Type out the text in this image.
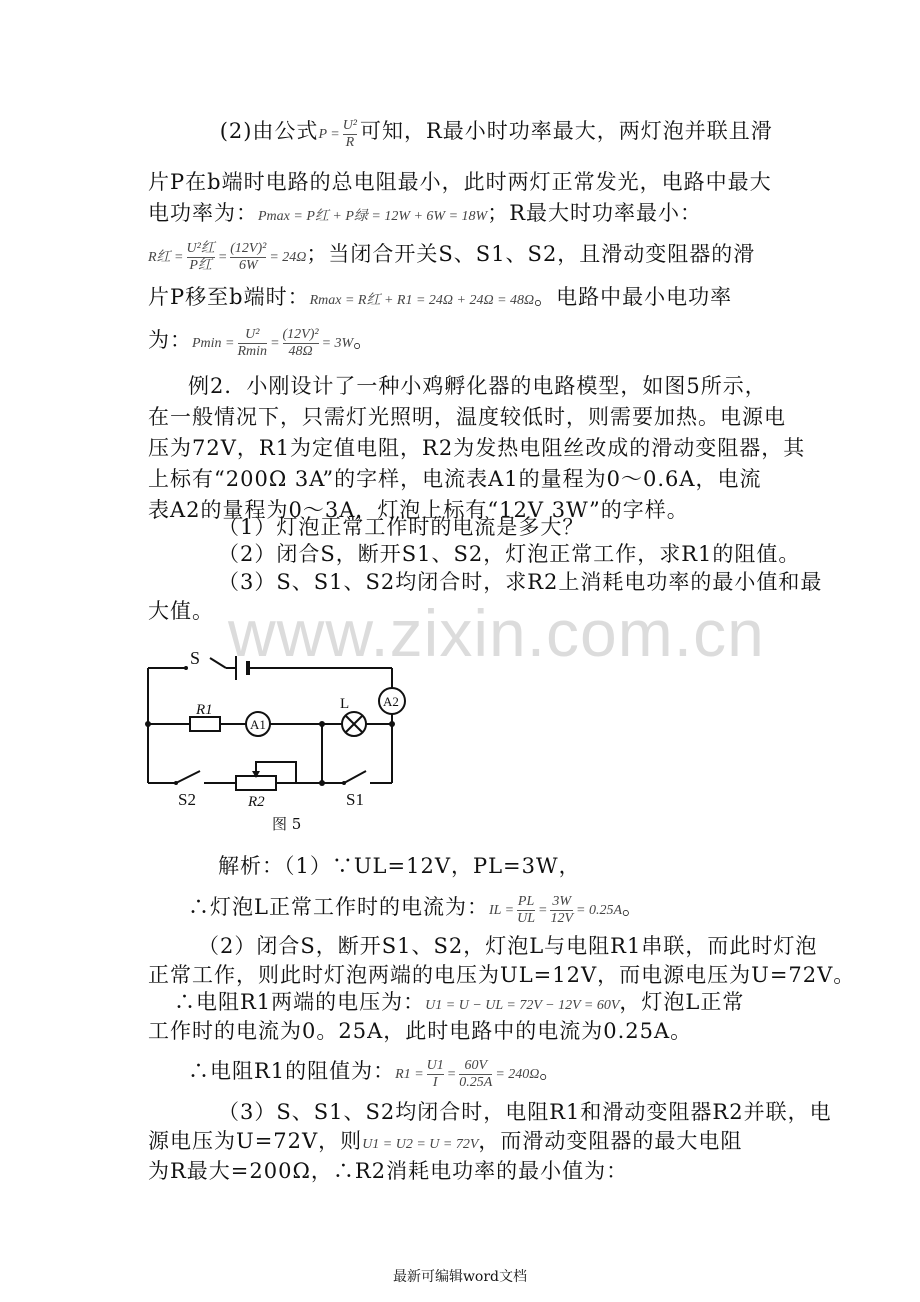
(2)由公式$P = \frac{\text{U²}}{R}$ 可知，R最小时功率最大，两灯泡并联且滑
片P在b端时电路的总电阻最小，此时两灯正常发光，电路中最大
电功率为：Pmax = P红 + P绿 = 12W + 6W = 18W；R最大时功率最小：
R红 =
U²红
P红
= $\frac{\text{(12V)²}}{6W} = 24\Omega$；当闭合开关S、S1、S2，且滑动变阻器的滑
片P移至b端时：Rmax = R红 + R1 = 24Ω + 24Ω = 48Ω。电路中最小电功率
为：Pmin =
U²
Rmin
= $\frac{\text{(12V)²}}{48\Omega} = 3W$。
例2．小刚设计了一种小鸡孵化器的电路模型，如图5所示，
在一般情况下，只需灯光照明，温度较低时，则需要加热。电源电
压为72V，R1为定值电阻，R2为发热电阻丝改成的滑动变阻器，其
上标有“200Ω 3A”的字样，电流表A1的量程为0～0.6A，电流
表A2的量程为0～3A，灯泡上标有“12V 3W”的字样。
（1）灯泡正常工作时的电流是多大？
（2）闭合S，断开S1、S2，灯泡正常工作，求R1的阻值。
（3）S、S1、S2均闭合时，求R2上消耗电功率的最小值和最
大值。 www.zixin.com.cn
S
R1
A1
A2
L
S2	R2	S1
图 5
解析：（1）∵UL=12V，PL=3W，
∴灯泡L正常工作时的电流为：IL = $\frac{PL}{UL} = \frac{3W}{12V} = 0.25A$。
（2）闭合S，断开S1、S2，灯泡L与电阻R1串联，而此时灯泡
正常工作，则此时灯泡两端的电压为UL=12V，而电源电压为U=72V。
∴电阻R1两端的电压为：U1 = U − UL = 72V − 12V = 60V，灯泡L正常
工作时的电流为0。25A，此时电路中的电流为0.25A。
∴电阻R1的阻值为：$R1 = \frac{U1}{I} = \frac{60V}{0.25A} = 240\Omega$。
（3）S、S1、S2均闭合时，电阻R1和滑动变阻器R2并联，电
源电压为U=72V，则U1 = U2 = U = 72V，而滑动变阻器的最大电阻
为R最大=200Ω，∴R2消耗电功率的最小值为：
最新可编辑word文档
